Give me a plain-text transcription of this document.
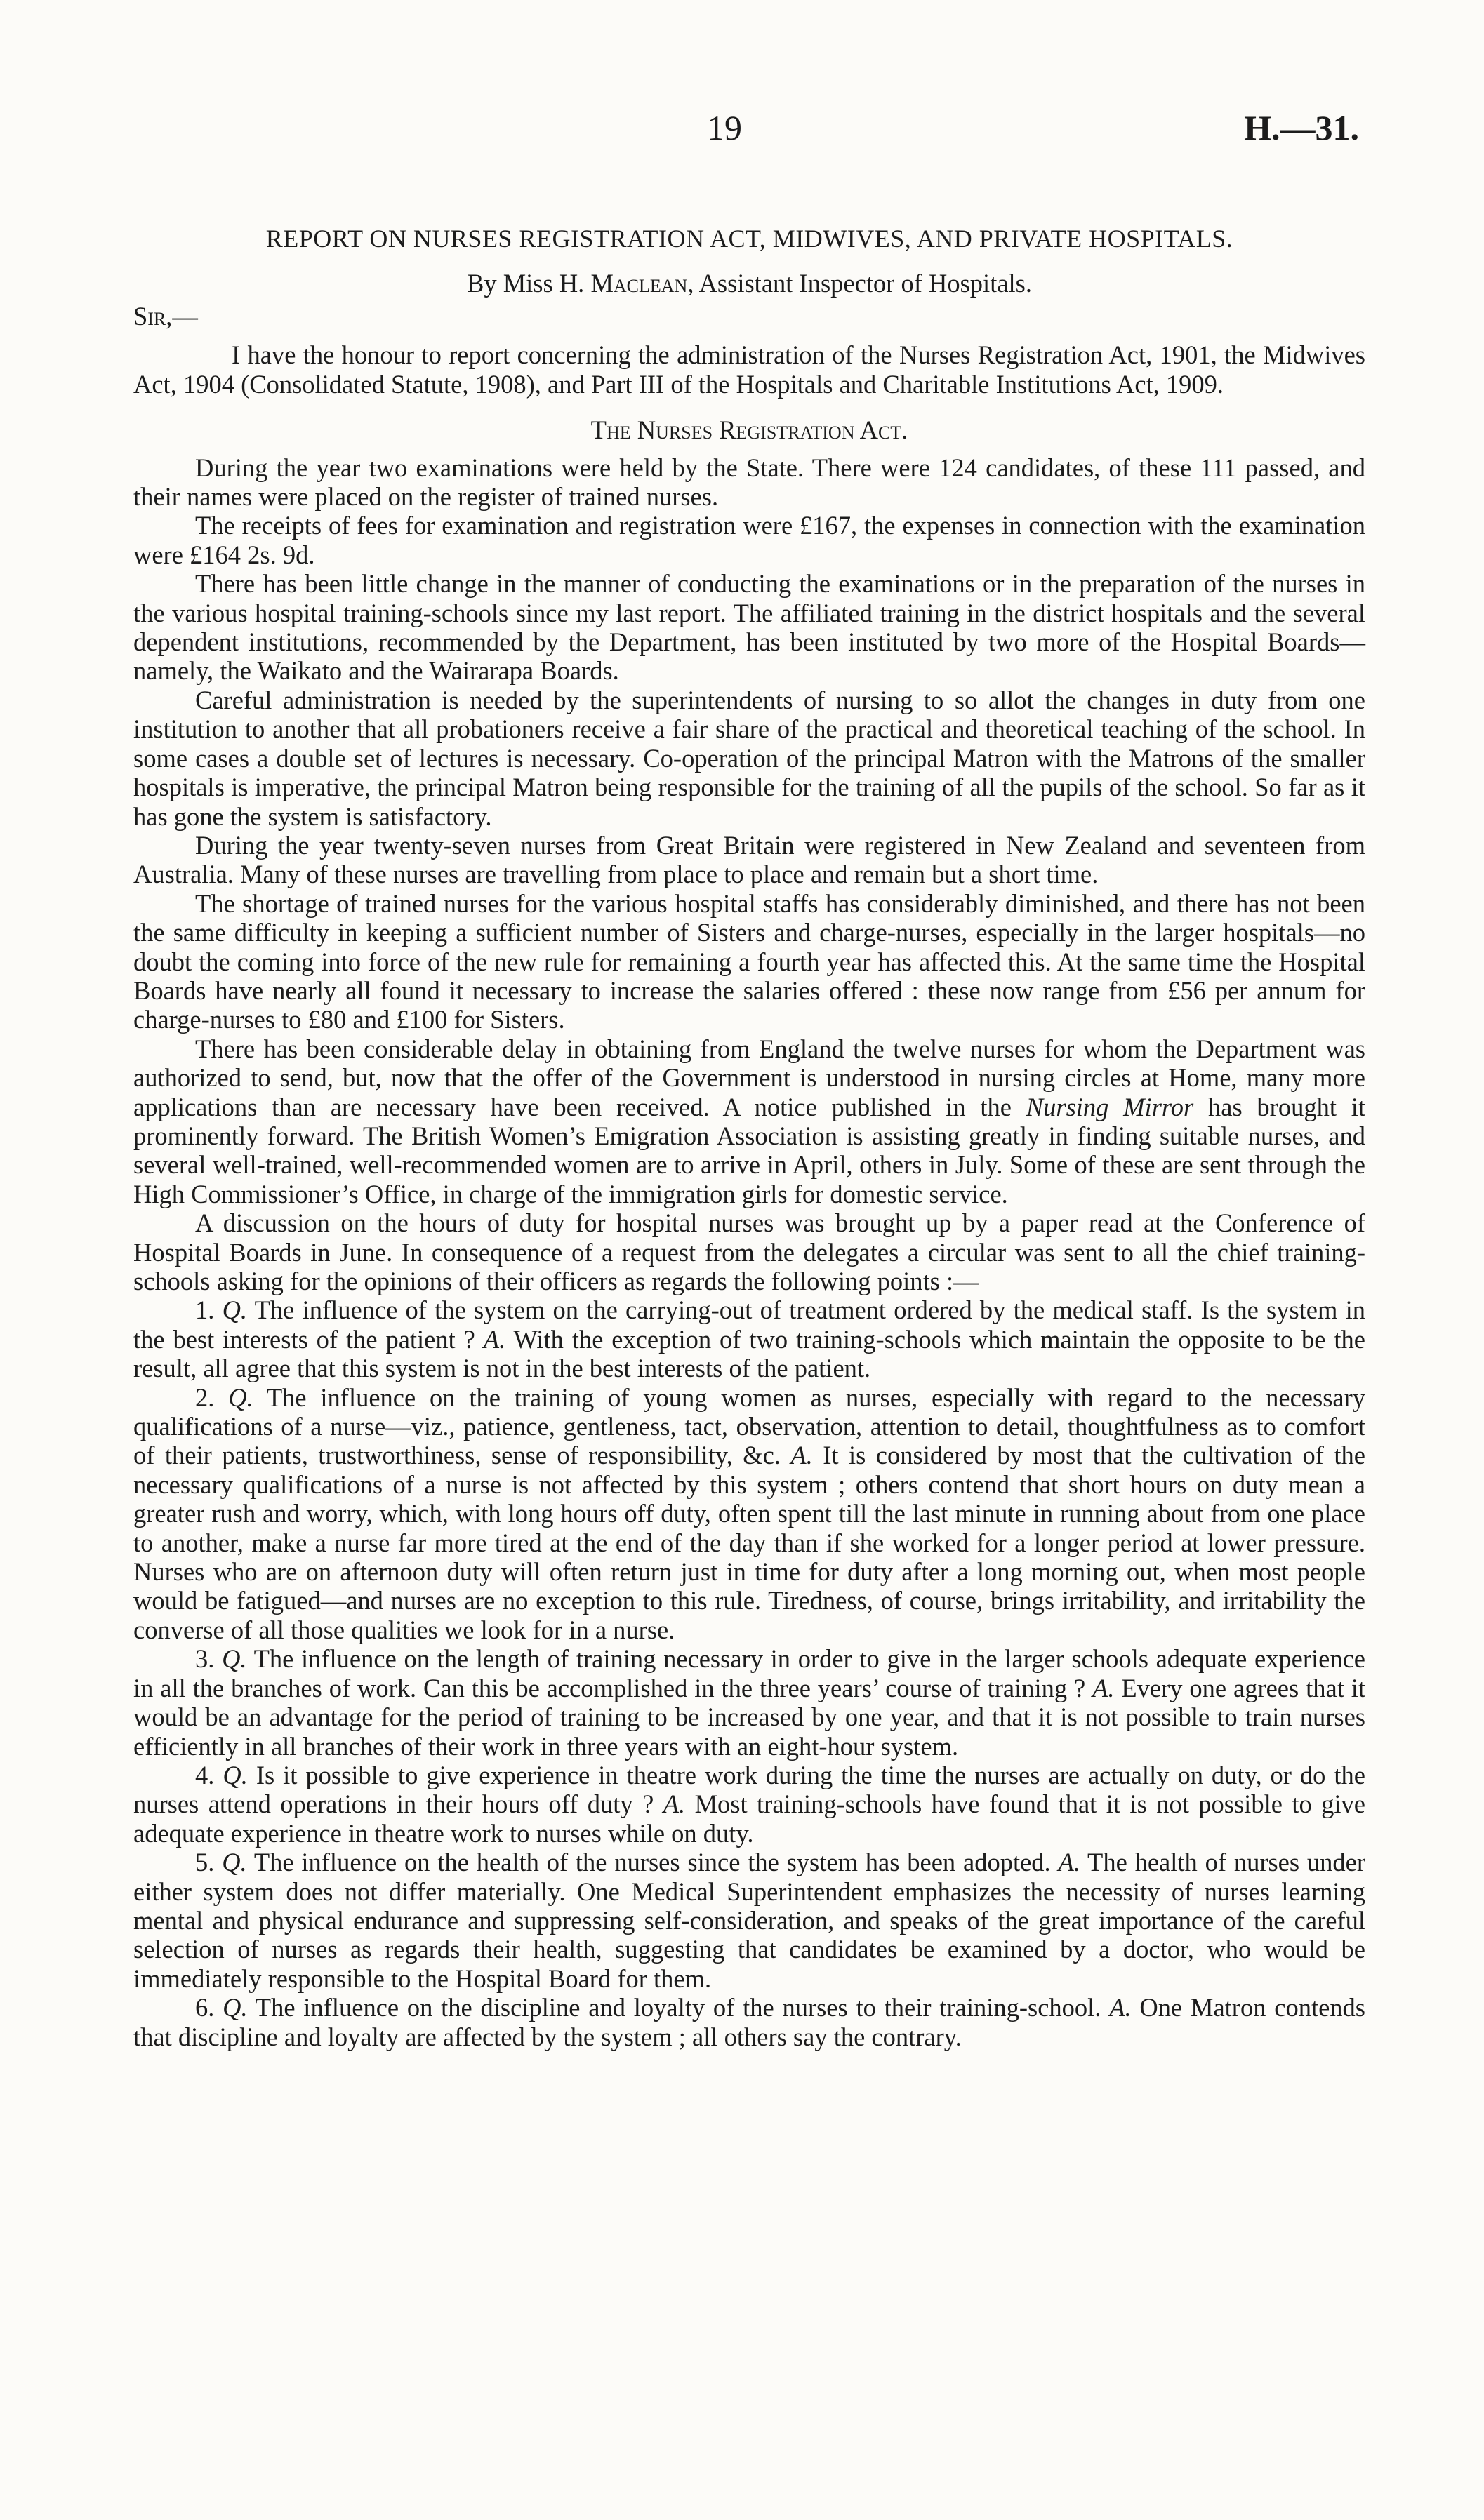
19	H.—31.
REPORT ON NURSES REGISTRATION ACT, MIDWIVES, AND PRIVATE HOSPITALS.
By Miss H. Maclean, Assistant Inspector of Hospitals.
Sir,—

I have the honour to report concerning the administration of the Nurses Registration Act, 1901, the Midwives Act, 1904 (Consolidated Statute, 1908), and Part III of the Hospitals and Charitable Institutions Act, 1909.

The Nurses Registration Act.

During the year two examinations were held by the State. There were 124 candidates, of these 111 passed, and their names were placed on the register of trained nurses.

The receipts of fees for examination and registration were £167, the expenses in connection with the examination were £164 2s. 9d.

There has been little change in the manner of conducting the examinations or in the preparation of the nurses in the various hospital training-schools since my last report. The affiliated training in the district hospitals and the several dependent institutions, recommended by the Department, has been instituted by two more of the Hospital Boards—namely, the Waikato and the Wairarapa Boards.

Careful administration is needed by the superintendents of nursing to so allot the changes in duty from one institution to another that all probationers receive a fair share of the practical and theoretical teaching of the school. In some cases a double set of lectures is necessary. Co-operation of the principal Matron with the Matrons of the smaller hospitals is imperative, the principal Matron being responsible for the training of all the pupils of the school. So far as it has gone the system is satisfactory.

During the year twenty-seven nurses from Great Britain were registered in New Zealand and seventeen from Australia. Many of these nurses are travelling from place to place and remain but a short time.

The shortage of trained nurses for the various hospital staffs has considerably diminished, and there has not been the same difficulty in keeping a sufficient number of Sisters and charge-nurses, especially in the larger hospitals—no doubt the coming into force of the new rule for remaining a fourth year has affected this. At the same time the Hospital Boards have nearly all found it necessary to increase the salaries offered : these now range from £56 per annum for charge-nurses to £80 and £100 for Sisters.

There has been considerable delay in obtaining from England the twelve nurses for whom the Department was authorized to send, but, now that the offer of the Government is understood in nursing circles at Home, many more applications than are necessary have been received. A notice published in the Nursing Mirror has brought it prominently forward. The British Women’s Emigration Association is assisting greatly in finding suitable nurses, and several well-trained, well-recommended women are to arrive in April, others in July. Some of these are sent through the High Commissioner’s Office, in charge of the immigration girls for domestic service.

A discussion on the hours of duty for hospital nurses was brought up by a paper read at the Conference of Hospital Boards in June. In consequence of a request from the delegates a circular was sent to all the chief training-schools asking for the opinions of their officers as regards the following points :—

1. Q. The influence of the system on the carrying-out of treatment ordered by the medical staff. Is the system in the best interests of the patient ? A. With the exception of two training-schools which maintain the opposite to be the result, all agree that this system is not in the best interests of the patient.

2. Q. The influence on the training of young women as nurses, especially with regard to the necessary qualifications of a nurse—viz., patience, gentleness, tact, observation, attention to detail, thoughtfulness as to comfort of their patients, trustworthiness, sense of responsibility, &c. A. It is considered by most that the cultivation of the necessary qualifications of a nurse is not affected by this system ; others contend that short hours on duty mean a greater rush and worry, which, with long hours off duty, often spent till the last minute in running about from one place to another, make a nurse far more tired at the end of the day than if she worked for a longer period at lower pressure. Nurses who are on afternoon duty will often return just in time for duty after a long morning out, when most people would be fatigued—and nurses are no exception to this rule. Tiredness, of course, brings irritability, and irritability the converse of all those qualities we look for in a nurse.

3. Q. The influence on the length of training necessary in order to give in the larger schools adequate experience in all the branches of work. Can this be accomplished in the three years’ course of training ? A. Every one agrees that it would be an advantage for the period of training to be increased by one year, and that it is not possible to train nurses efficiently in all branches of their work in three years with an eight-hour system.

4. Q. Is it possible to give experience in theatre work during the time the nurses are actually on duty, or do the nurses attend operations in their hours off duty ? A. Most training-schools have found that it is not possible to give adequate experience in theatre work to nurses while on duty.

5. Q. The influence on the health of the nurses since the system has been adopted. A. The health of nurses under either system does not differ materially. One Medical Superintendent emphasizes the necessity of nurses learning mental and physical endurance and suppressing self-consideration, and speaks of the great importance of the careful selection of nurses as regards their health, suggesting that candidates be examined by a doctor, who would be immediately responsible to the Hospital Board for them.

6. Q. The influence on the discipline and loyalty of the nurses to their training-school. A. One Matron contends that discipline and loyalty are affected by the system ; all others say the contrary.
